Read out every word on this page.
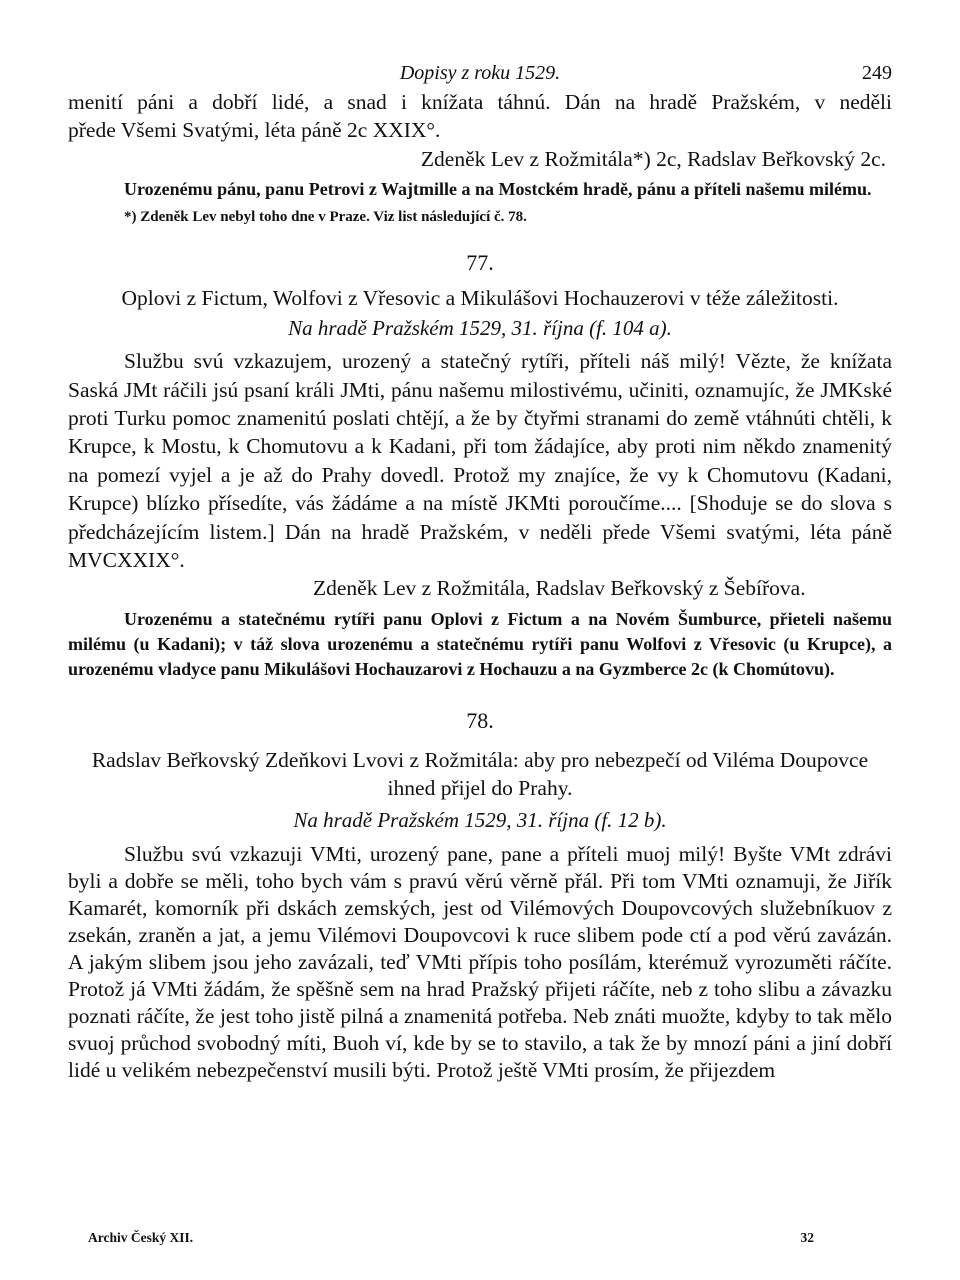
Dopisy z roku 1529.	249

menití páni a dobří lidé, a snad i knížata táhnú. Dán na hradě Pražském, v neděli

přede Všemi Svatými, léta páně 2c XXIX°.

Zdeněk Lev z Rožmitála*) 2c, Radslav Beřkovský 2c.

Urozenému pánu, panu Petrovi z Wajtmille a na Mostckém hradě, pánu a příteli našemu milému.

*) Zdeněk Lev nebyl toho dne v Praze. Viz list následující č. 78.

77.

Oplovi z Fictum, Wolfovi z Vřesovic a Mikulášovi Hochauzerovi v téže záležitosti.

Na hradě Pražském 1529, 31. října (f. 104 a).

Službu svú vzkazujem, urozený a statečný rytíři, příteli náš milý! Vězte, že knížata Saská JMt ráčili jsú psaní králi JMti, pánu našemu milostivému, učiniti, oznamujíc, že JMKské proti Turku pomoc znamenitú poslati chtějí, a že by čtyřmi stranami do země vtáhnúti chtěli, k Krupce, k Mostu, k Chomutovu a k Kadani, při tom žádajíce, aby proti nim někdo znamenitý na pomezí vyjel a je až do Prahy dovedl. Protož my znajíce, že vy k Chomutovu (Kadani, Krupce) blízko přísedíte, vás žádáme a na místě JKMti poroučíme.... [Shoduje se do slova s předcházejícím listem.] Dán na hradě Pražském, v neděli přede Všemi svatými, léta páně MVCXXIX°.

Zdeněk Lev z Rožmitála, Radslav Beřkovský z Šebířova.

Urozenému a statečnému rytíři panu Oplovi z Fictum a na Novém Šumburce, přieteli našemu milému (u Kadani); v táž slova urozenému a statečnému rytíři panu Wolfovi z Vřesovic (u Krupce), a urozenému vladyce panu Mikulášovi Hochauzarovi z Hochauzu a na Gyzmberce 2c (k Chomútovu).

78.

Radslav Beřkovský Zdeňkovi Lvovi z Rožmitála: aby pro nebezpečí od Viléma Doupovce

ihned přijel do Prahy.

Na hradě Pražském 1529, 31. října (f. 12 b).

Službu svú vzkazuji VMti, urozený pane, pane a příteli muoj milý! Byšte VMt zdrávi byli a dobře se měli, toho bych vám s pravú věrú věrně přál. Při tom VMti oznamuji, že Jiřík Kamarét, komorník při dskách zemských, jest od Vilémových Doupovcových služebníkuov z zsekán, zraněn a jat, a jemu Vilémovi Doupovcovi k ruce slibem pode ctí a pod věrú zavázán. A jakým slibem jsou jeho zavázali, teď VMti přípis toho posílám, kterémuž vyrozuměti ráčíte. Protož já VMti žádám, že spěšně sem na hrad Pražský přijeti ráčíte, neb z toho slibu a závazku poznati ráčíte, že jest toho jistě pilná a znamenitá potřeba. Neb znáti muožte, kdyby to tak mělo svuoj průchod svobodný míti, Buoh ví, kde by se to stavilo, a tak že by mnozí páni a jiní dobří lidé u velikém nebezpečenství musili býti. Protož ještě VMti prosím, že přijezdem

Archiv Český XII.	32
